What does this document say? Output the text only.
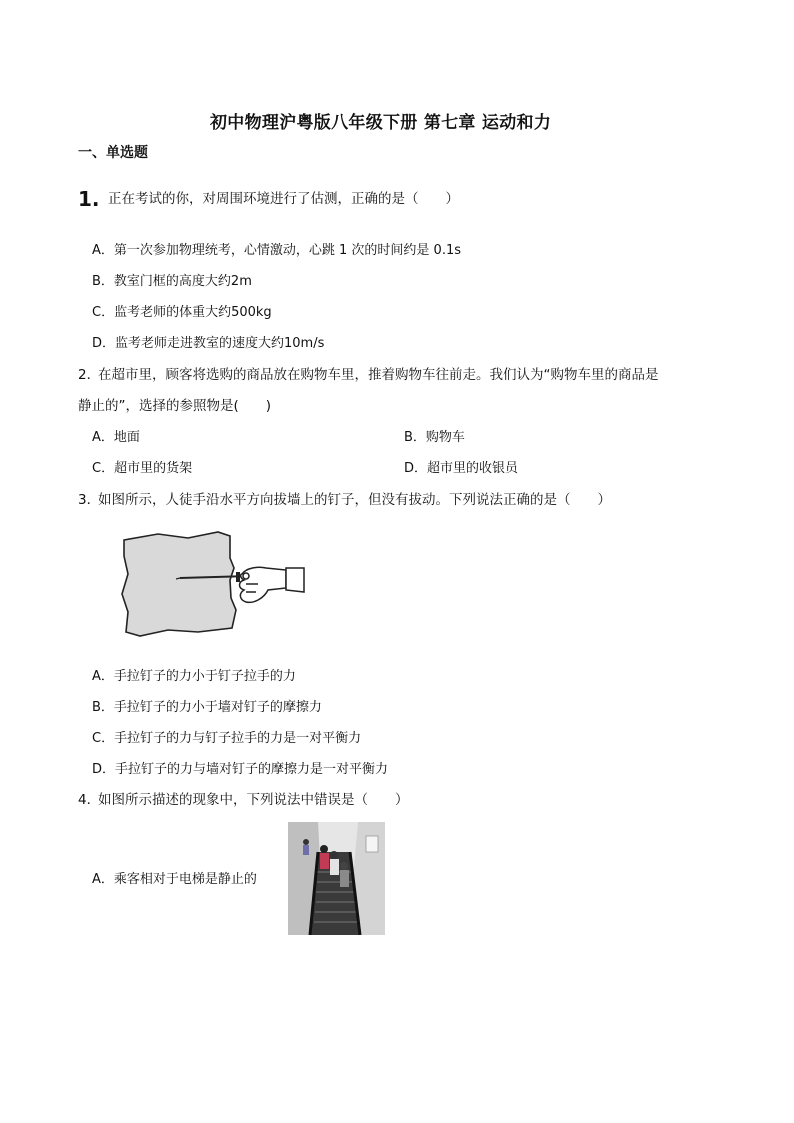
初中物理沪粤版八年级下册 第七章 运动和力
一、单选题
1. 正在考试的你，对周围环境进行了估测，正确的是（　　）
A．第一次参加物理统考，心情激动，心跳 1 次的时间约是 0.1s
B．教室门框的高度大约2m
C．监考老师的体重大约500kg
D．监考老师走进教室的速度大约10m/s
2．
在超市里，顾客将选购的商品放在购物车里，推着购物车往前走。我们认为“购物车里的商品是
静止的”，选择的参照物是(　　)
A．地面	B．购物车
C．超市里的货架	D．超市里的收银员
3．
如图所示，人徒手沿水平方向拔墙上的钉子，但没有拔动。下列说法正确的是（　　）
A．手拉钉子的力小于钉子拉手的力
B．手拉钉子的力小于墙对钉子的摩擦力
C．手拉钉子的力与钉子拉手的力是一对平衡力
D．手拉钉子的力与墙对钉子的摩擦力是一对平衡力
4．
如图所示描述的现象中，下列说法中错误是（　　）
A．乘客相对于电梯是静止的
